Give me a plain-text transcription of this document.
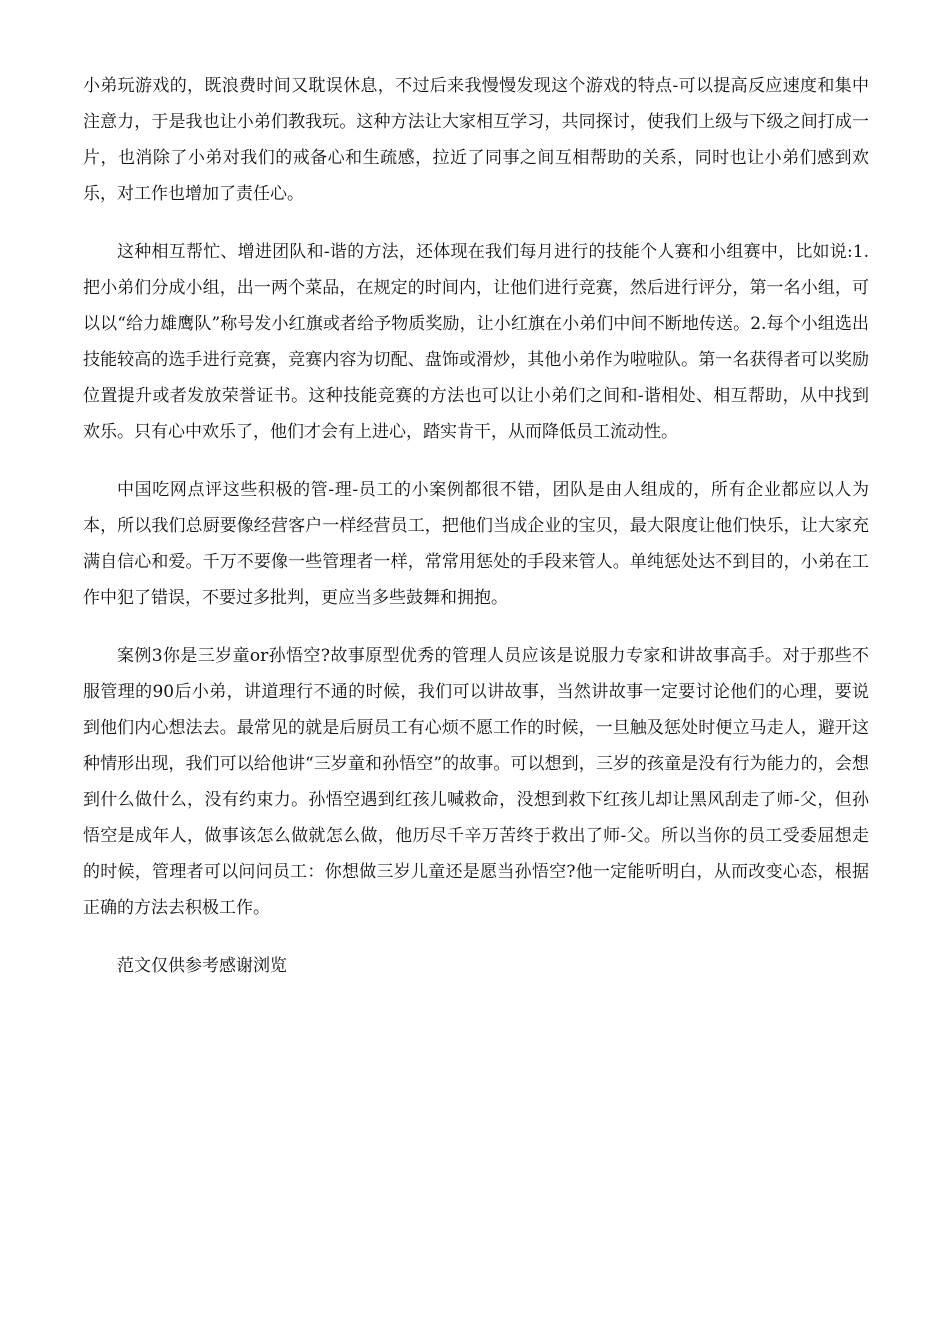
小弟玩游戏的，既浪费时间又耽误休息，不过后来我慢慢发现这个游戏的特点-可以提高反应速度和集中注意力，于是我也让小弟们教我玩。这种方法让大家相互学习，共同探讨，使我们上级与下级之间打成一片，也消除了小弟对我们的戒备心和生疏感，拉近了同事之间互相帮助的关系，同时也让小弟们感到欢乐，对工作也增加了责任心。

这种相互帮忙、增进团队和-谐的方法，还体现在我们每月进行的技能个人赛和小组赛中，比如说:1.把小弟们分成小组，出一两个菜品，在规定的时间内，让他们进行竞赛，然后进行评分，第一名小组，可以以“给力雄鹰队”称号发小红旗或者给予物质奖励，让小红旗在小弟们中间不断地传送。2.每个小组选出技能较高的选手进行竞赛，竞赛内容为切配、盘饰或滑炒，其他小弟作为啦啦队。第一名获得者可以奖励位置提升或者发放荣誉证书。这种技能竞赛的方法也可以让小弟们之间和-谐相处、相互帮助，从中找到欢乐。只有心中欢乐了，他们才会有上进心，踏实肯干，从而降低员工流动性。

中国吃网点评这些积极的管-理-员工的小案例都很不错，团队是由人组成的，所有企业都应以人为本，所以我们总厨要像经营客户一样经营员工，把他们当成企业的宝贝，最大限度让他们快乐，让大家充满自信心和爱。千万不要像一些管理者一样，常常用惩处的手段来管人。单纯惩处达不到目的，小弟在工作中犯了错误，不要过多批判，更应当多些鼓舞和拥抱。

案例3你是三岁童or孙悟空?故事原型优秀的管理人员应该是说服力专家和讲故事高手。对于那些不服管理的90后小弟，讲道理行不通的时候，我们可以讲故事，当然讲故事一定要讨论他们的心理，要说到他们内心想法去。最常见的就是后厨员工有心烦不愿工作的时候，一旦触及惩处时便立马走人，避开这种情形出现，我们可以给他讲“三岁童和孙悟空”的故事。可以想到，三岁的孩童是没有行为能力的，会想到什么做什么，没有约束力。孙悟空遇到红孩儿喊救命，没想到救下红孩儿却让黑风刮走了师-父，但孙悟空是成年人，做事该怎么做就怎么做，他历尽千辛万苦终于救出了师-父。所以当你的员工受委屈想走的时候，管理者可以问问员工：你想做三岁儿童还是愿当孙悟空?他一定能听明白，从而改变心态，根据正确的方法去积极工作。

范文仅供参考感谢浏览
